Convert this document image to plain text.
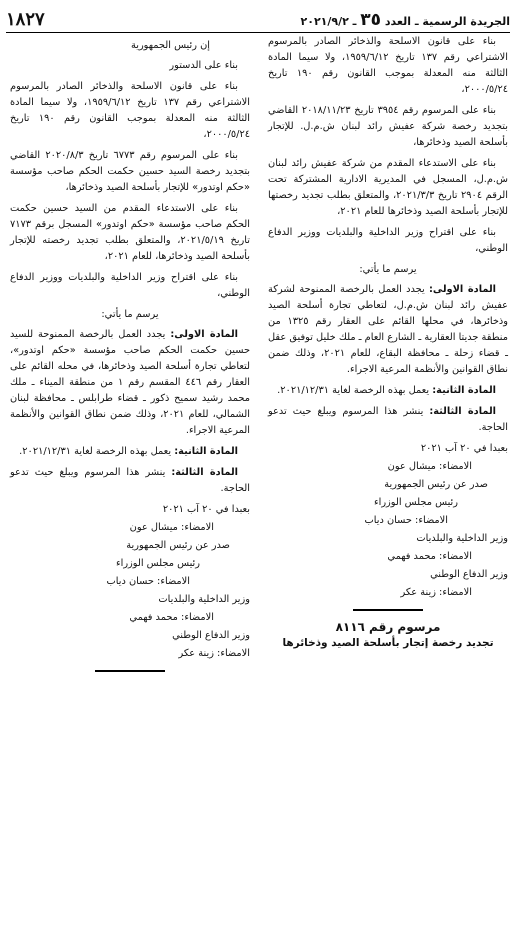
الجريدة الرسمية ـ العدد ٣٥ ـ ٢٠٢١/٩/٢
١٨٢٧

بناء على قانون الاسلحة والذخائر الصادر بالمرسوم الاشتراعي رقم ١٣٧ تاريخ ١٩٥٩/٦/١٢، ولا سيما المادة الثالثة منه المعدلة بموجب القانون رقم ١٩٠ تاريخ ٢٠٠٠/٥/٢٤،

بناء على المرسوم رقم ٣٩٥٤ تاريخ ٢٠١٨/١١/٢٣ القاضي بتجديد رخصة شركة عفيش رائد لبنان ش.م.ل. للإتجار بأسلحة الصيد وذخائرها،

بناء على الاستدعاء المقدم من شركة عفيش رائد لبنان ش.م.ل، المسجل في المديرية الادارية المشتركة تحت الرقم ٢٩٠٤ تاريخ ٢٠٢١/٣/٣، والمتعلق بطلب تجديد رخصتها للإتجار بأسلحة الصيد وذخائرها للعام ٢٠٢١،

بناء على اقتراح وزير الداخلية والبلديات ووزير الدفاع الوطني،

يرسم ما يأتي:

المادة الاولى: يجدد العمل بالرخصة الممنوحة لشركة عفيش رائد لبنان ش.م.ل، لتعاطي تجارة أسلحة الصيد وذخائرها، في محلها القائم على العقار رقم ١٣٢٥ من منطقة جديتا العقارية ـ الشارع العام ـ ملك خليل توفيق عقل ـ قضاء زحلة ـ محافظة البقاع، للعام ٢٠٢١، وذلك ضمن نطاق القوانين والأنظمة المرعية الاجراء.

المادة الثانية: يعمل بهذه الرخصة لغاية ٢٠٢١/١٢/٣١.

المادة الثالثة: ينشر هذا المرسوم ويبلغ حيث تدعو الحاجة.

بعبدا في ٢٠ آب ٢٠٢١
الامضاء: ميشال عون
صدر عن رئيس الجمهورية
رئيس مجلس الوزراء
الامضاء: حسان دياب
وزير الداخلية والبلديات
الامضاء: محمد فهمي
وزير الدفاع الوطني
الامضاء: زينة عكر
مرسوم رقم ٨١١٦
تجديد رخصة إتجار بأسلحة الصيد وذخائرها
إن رئيس الجمهورية
بناء على الدستور

بناء على قانون الاسلحة والذخائر الصادر بالمرسوم الاشتراعي رقم ١٣٧ تاريخ ١٩٥٩/٦/١٢، ولا سيما المادة الثالثة منه المعدلة بموجب القانون رقم ١٩٠ تاريخ ٢٠٠٠/٥/٢٤،

بناء على المرسوم رقم ٦٧٧٣ تاريخ ٢٠٢٠/٨/٣ القاضي بتجديد رخصة السيد حسين حكمت الحكم صاحب مؤسسة «حكم اوتدور» للإتجار بأسلحة الصيد وذخائرها،

بناء على الاستدعاء المقدم من السيد حسين حكمت الحكم صاحب مؤسسة «حكم اوتدور» المسجل برقم ٧١٧٣ تاريخ ٢٠٢١/٥/١٩، والمتعلق بطلب تجديد رخصته للإتجار بأسلحة الصيد وذخائرها، للعام ٢٠٢١،

بناء على اقتراح وزير الداخلية والبلديات ووزير الدفاع الوطني،

يرسم ما يأتي:

المادة الاولى: يجدد العمل بالرخصة الممنوحة للسيد حسين حكمت الحكم صاحب مؤسسة «حكم اوتدور»، لتعاطي تجارة أسلحة الصيد وذخائرها، في محله القائم على العقار رقم ٤٤٦ المقسم رقم ١ من منطقة الميناء ـ ملك محمد رشيد سميح ذكور ـ قضاء طرابلس ـ محافظة لبنان الشمالي، للعام ٢٠٢١، وذلك ضمن نطاق القوانين والأنظمة المرعية الاجراء.

المادة الثانية: يعمل بهذه الرخصة لغاية ٢٠٢١/١٢/٣١.

المادة الثالثة: ينشر هذا المرسوم ويبلغ حيث تدعو الحاجة.

بعبدا في ٢٠ آب ٢٠٢١
الامضاء: ميشال عون
صدر عن رئيس الجمهورية
رئيس مجلس الوزراء
الامضاء: حسان دياب
وزير الداخلية والبلديات
الامضاء: محمد فهمي
وزير الدفاع الوطني
الامضاء: زينة عكر
